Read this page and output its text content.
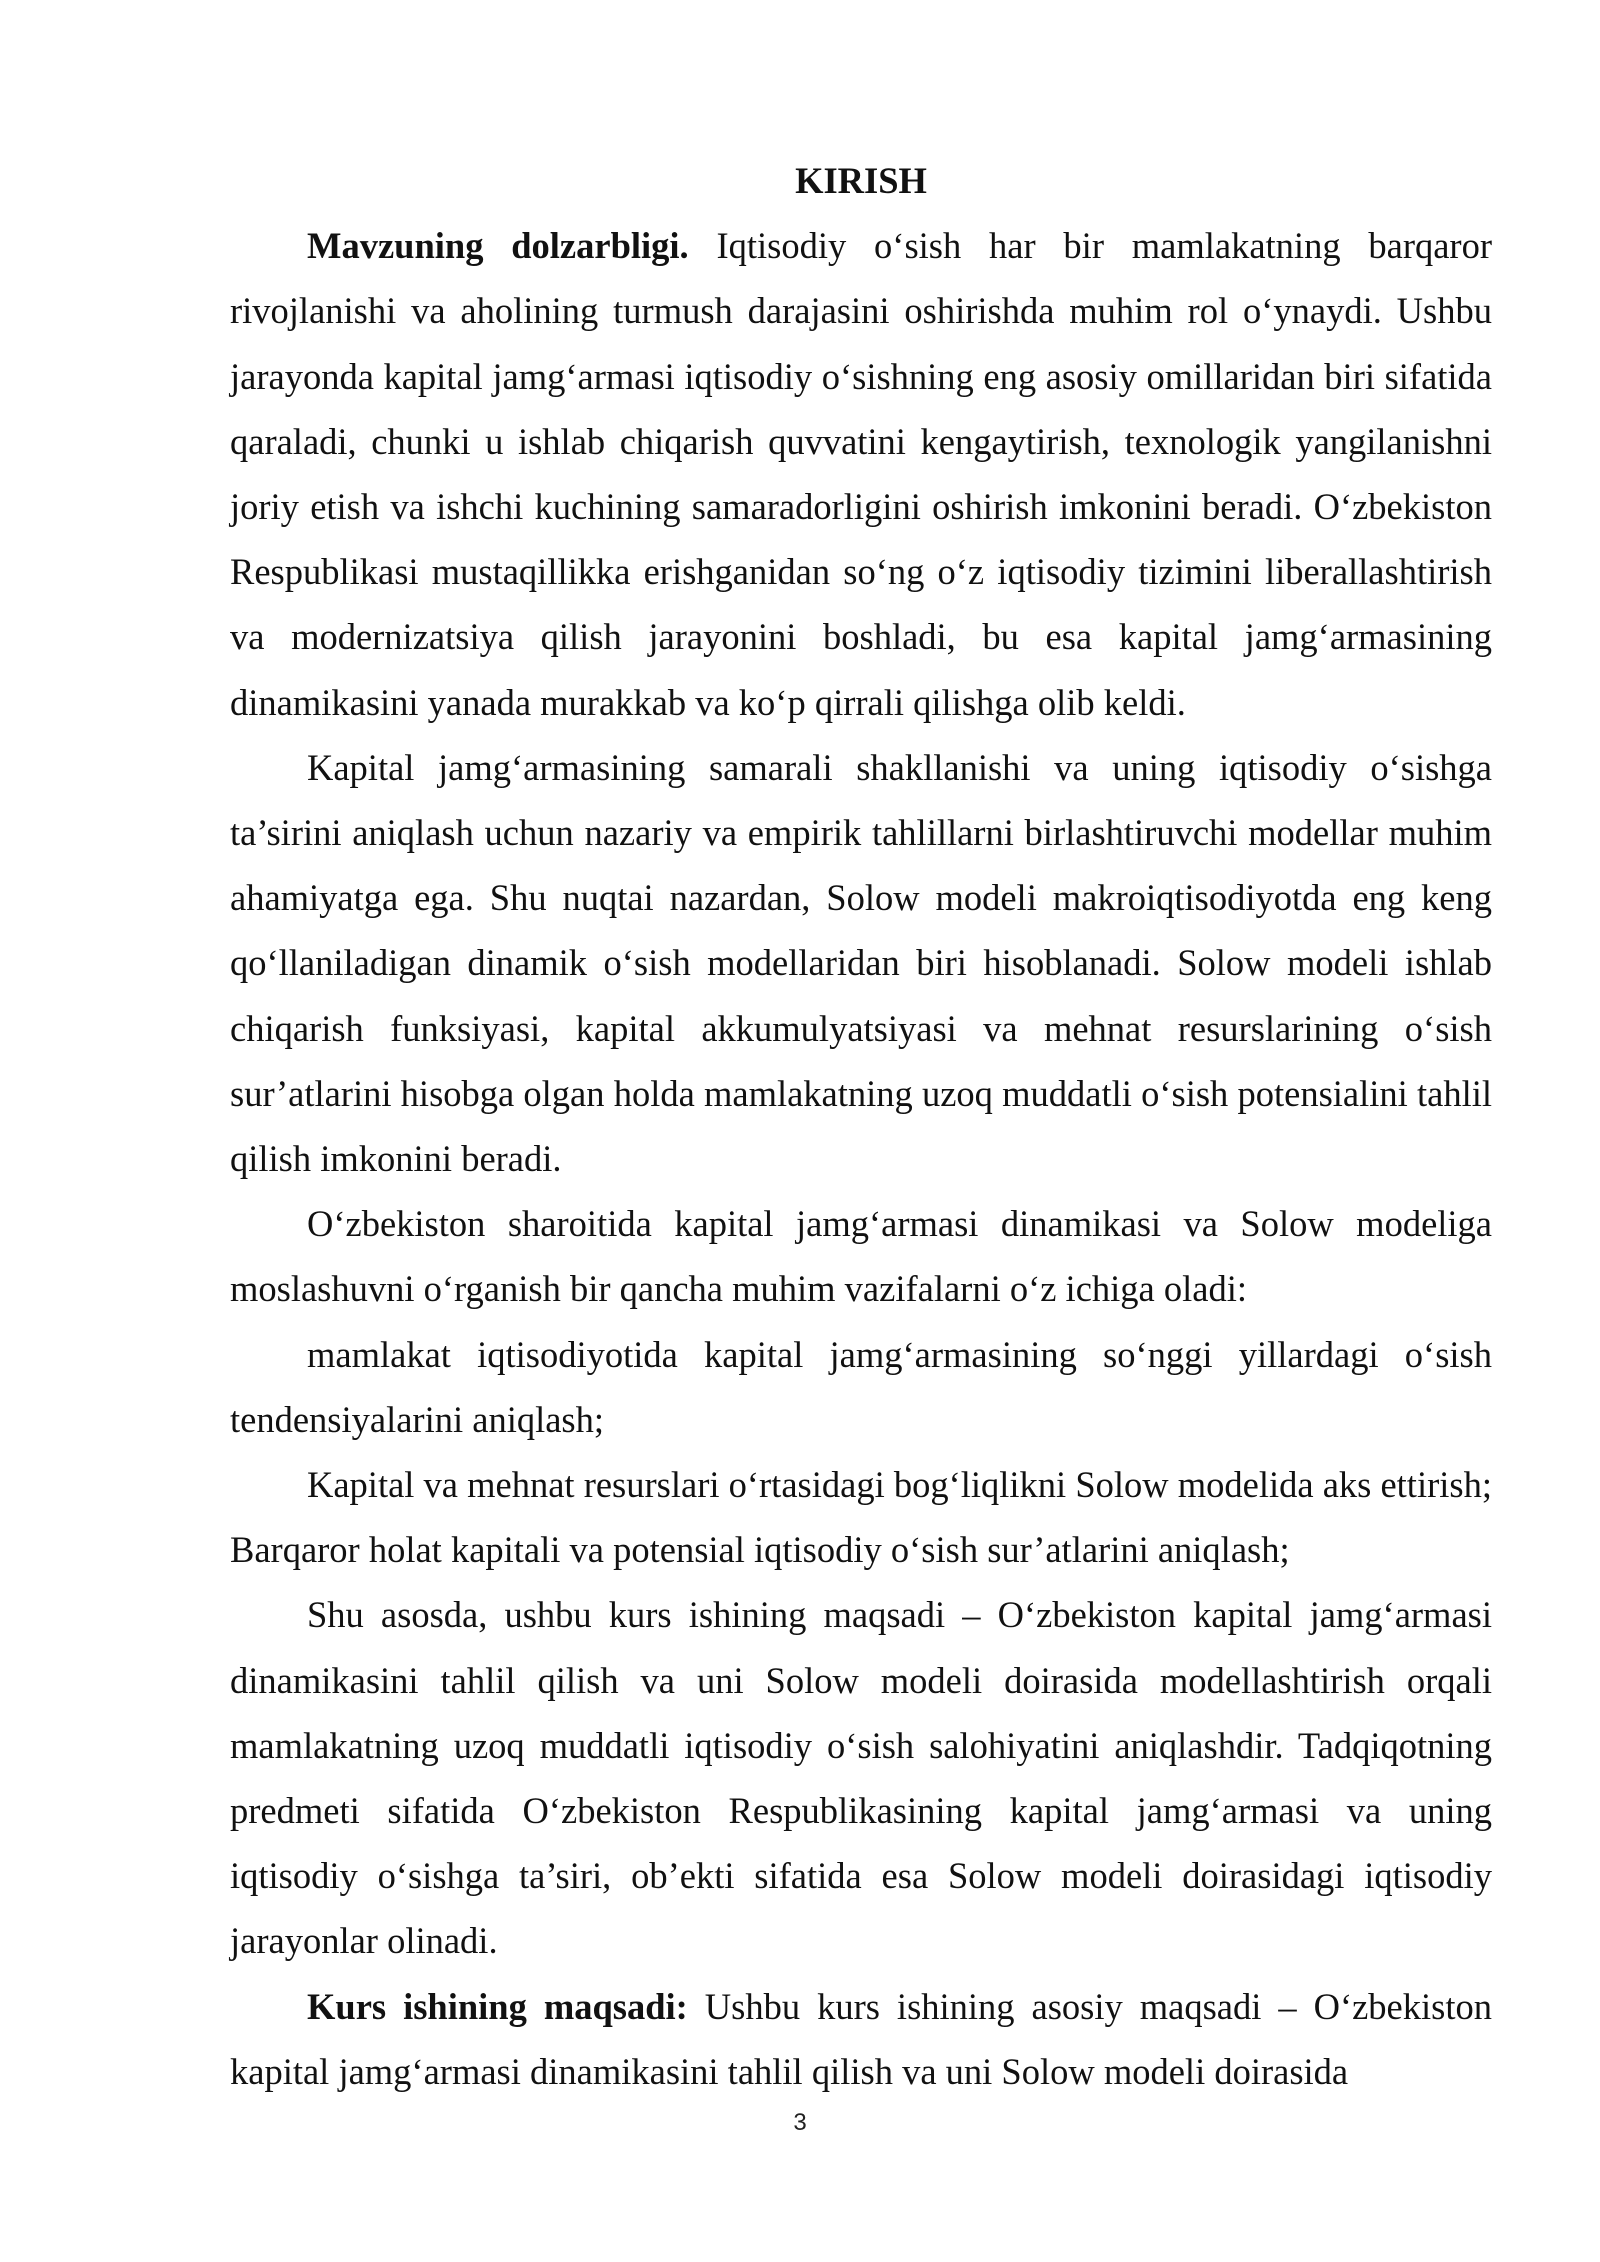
KIRISH

Mavzuning dolzarbligi. Iqtisodiy o‘sish har bir mamlakatning barqaror rivojlanishi va aholining turmush darajasini oshirishda muhim rol o‘ynaydi. Ushbu jarayonda kapital jamg‘armasi iqtisodiy o‘sishning eng asosiy omillaridan biri sifatida qaraladi, chunki u ishlab chiqarish quvvatini kengaytirish, texnologik yangilanishni joriy etish va ishchi kuchining samaradorligini oshirish imkonini beradi. O‘zbekiston Respublikasi mustaqillikka erishganidan so‘ng o‘z iqtisodiy tizimini liberallashtirish va modernizatsiya qilish jarayonini boshladi, bu esa kapital jamg‘armasining dinamikasini yanada murakkab va ko‘p qirrali qilishga olib keldi.

Kapital jamg‘armasining samarali shakllanishi va uning iqtisodiy o‘sishga ta’sirini aniqlash uchun nazariy va empirik tahlillarni birlashtiruvchi modellar muhim ahamiyatga ega. Shu nuqtai nazardan, Solow modeli makroiqtisodiyotda eng keng qo‘llaniladigan dinamik o‘sish modellaridan biri hisoblanadi. Solow modeli ishlab chiqarish funksiyasi, kapital akkumulyatsiyasi va mehnat resurslarining o‘sish sur’atlarini hisobga olgan holda mamlakatning uzoq muddatli o‘sish potensialini tahlil qilish imkonini beradi.

O‘zbekiston sharoitida kapital jamg‘armasi dinamikasi va Solow modeliga moslashuvni o‘rganish bir qancha muhim vazifalarni o‘z ichiga oladi:

mamlakat iqtisodiyotida kapital jamg‘armasining so‘nggi yillardagi o‘sish tendensiyalarini aniqlash;

Kapital va mehnat resurslari o‘rtasidagi bog‘liqlikni Solow modelida aks ettirish; Barqaror holat kapitali va potensial iqtisodiy o‘sish sur’atlarini aniqlash;

Shu asosda, ushbu kurs ishining maqsadi – O‘zbekiston kapital jamg‘armasi dinamikasini tahlil qilish va uni Solow modeli doirasida modellashtirish orqali mamlakatning uzoq muddatli iqtisodiy o‘sish salohiyatini aniqlashdir. Tadqiqotning predmeti sifatida O‘zbekiston Respublikasining kapital jamg‘armasi va uning iqtisodiy o‘sishga ta’siri, ob’ekti sifatida esa Solow modeli doirasidagi iqtisodiy jarayonlar olinadi.

Kurs ishining maqsadi: Ushbu kurs ishining asosiy maqsadi – O‘zbekiston kapital jamg‘armasi dinamikasini tahlil qilish va uni Solow modeli doirasida

3
